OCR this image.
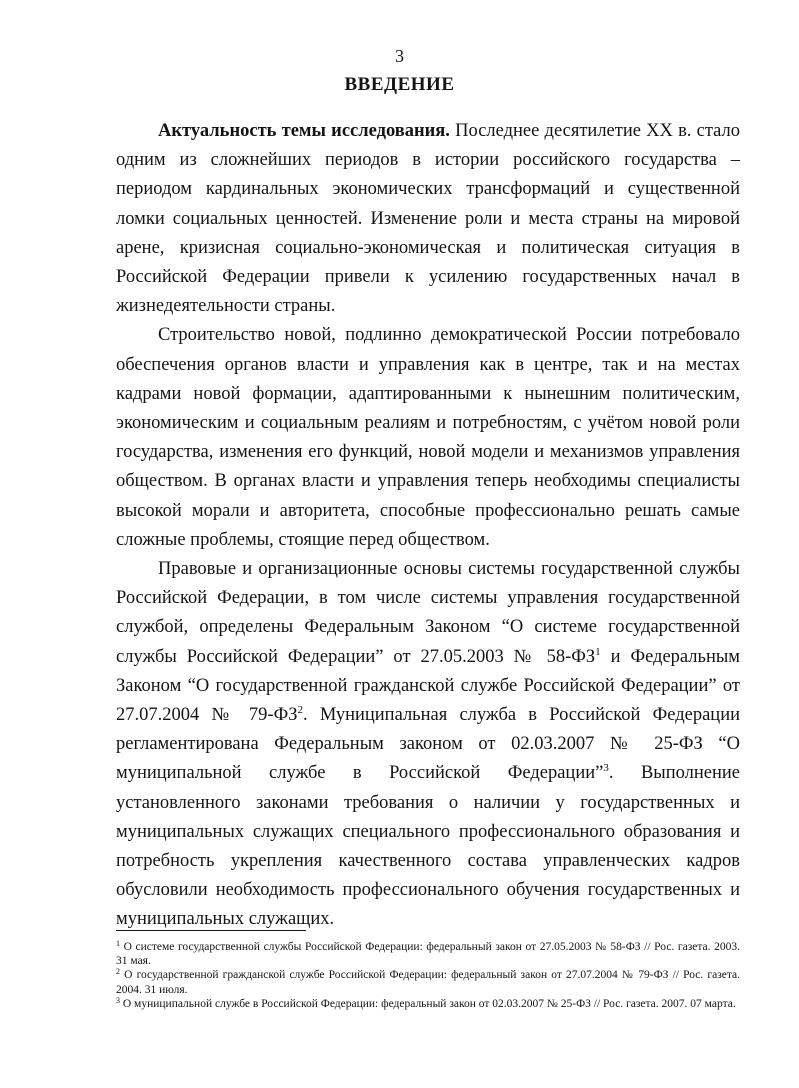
3
ВВЕДЕНИЕ

Актуальность темы исследования. Последнее десятилетие XX в. стало одним из сложнейших периодов в истории российского государства – периодом кардинальных экономических трансформаций и существенной ломки социальных ценностей. Изменение роли и места страны на мировой арене, кризисная социально-экономическая и политическая ситуация в Российской Федерации привели к усилению государственных начал в жизнедеятельности страны.

Строительство новой, подлинно демократической России потребовало обеспечения органов власти и управления как в центре, так и на местах кадрами новой формации, адаптированными к нынешним политическим, экономическим и социальным реалиям и потребностям, с учётом новой роли государства, изменения его функций, новой модели и механизмов управления обществом. В органах власти и управления теперь необходимы специалисты высокой морали и авторитета, способные профессионально решать самые сложные проблемы, стоящие перед обществом.

Правовые и организационные основы системы государственной службы Российской Федерации, в том числе системы управления государственной службой, определены Федеральным Законом “О системе государственной службы Российской Федерации” от 27.05.2003 № $58-ФЗ^1$ и Федеральным Законом “О государственной гражданской службе Российской Федерации” от 27.07.2004 № $79-ФЗ^2$. Муниципальная служба в Российской Федерации регламентирована Федеральным законом от 02.03.2007 № 25-ФЗ “О муниципальной службе в Российской Федерации”$^3$. Выполнение установленного законами требования о наличии у государственных и муниципальных служащих специального профессионального образования и потребность укрепления качественного состава управленческих кадров обусловили необходимость профессионального обучения государственных и муниципальных служащих.

$^1$ О системе государственной службы Российской Федерации: федеральный закон от 27.05.2003 № 58-ФЗ // Рос. газета. 2003. 31 мая.

$^2$ О государственной гражданской службе Российской Федерации: федеральный закон от 27.07.2004 № 79-ФЗ // Рос. газета. 2004. 31 июля.

$^3$ О муниципальной службе в Российской Федерации: федеральный закон от 02.03.2007 № 25-ФЗ // Рос. газета. 2007. 07 марта.
